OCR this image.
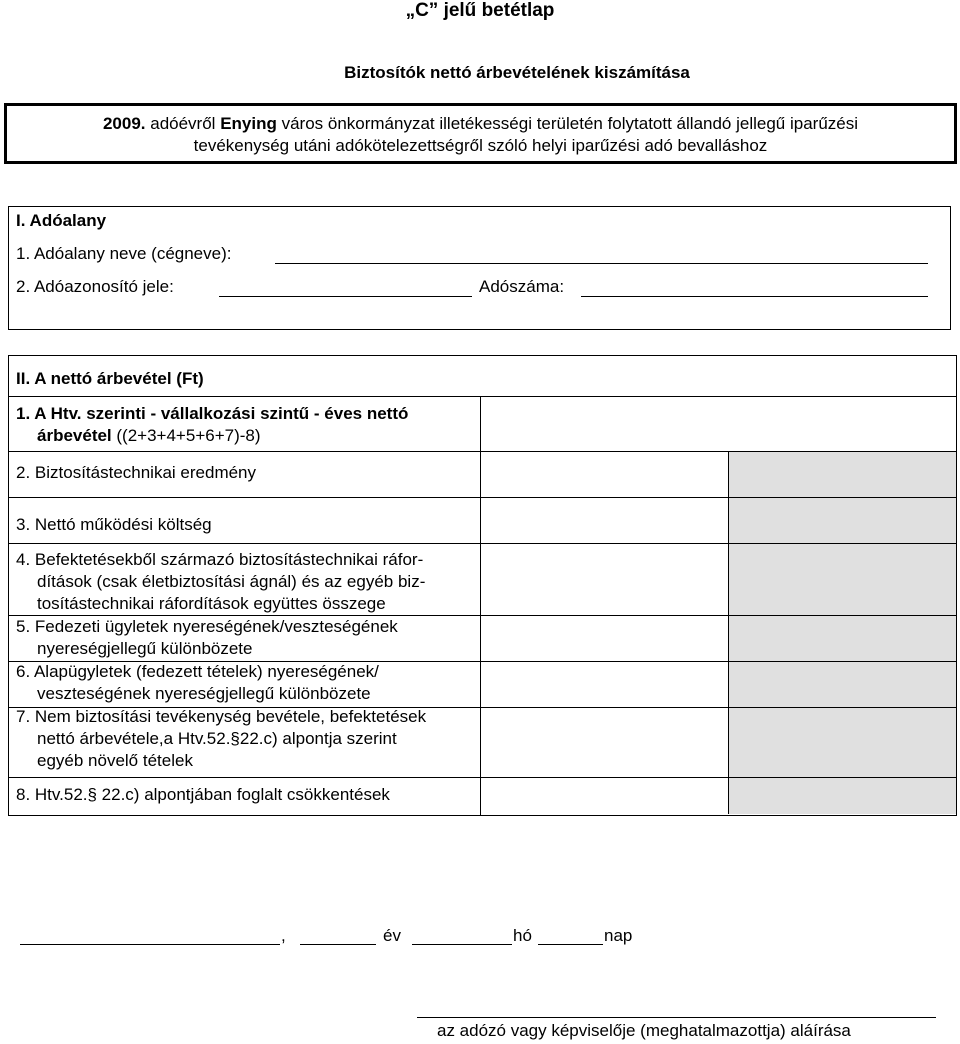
„C” jelű betétlap
Biztosítók nettó árbevételének kiszámítása
2009. adóévről Enying város önkormányzat illetékességi területén folytatott állandó jellegű iparűzési
tevékenység utáni adókötelezettségről szóló helyi iparűzési adó bevalláshoz
I. Adóalany
1. Adóalany neve (cégneve):
2. Adóazonosító jele:	Adószáma:
II. A nettó árbevétel (Ft)
1. A Htv. szerinti - vállalkozási szintű - éves nettó
árbevétel ((2+3+4+5+6+7)-8)
2. Biztosítástechnikai eredmény
3. Nettó működési költség
4. Befektetésekből származó biztosítástechnikai ráfor-
dítások (csak életbiztosítási ágnál) és az egyéb biz-
tosítástechnikai ráfordítások együttes összege
5. Fedezeti ügyletek nyereségének/veszteségének
nyereségjellegű különbözete
6. Alapügyletek (fedezett tételek) nyereségének/
veszteségének nyereségjellegű különbözete
7. Nem biztosítási tevékenység bevétele, befektetések
nettó árbevétele,a Htv.52.§22.c) alpontja szerint
egyéb növelő tételek
8. Htv.52.§ 22.c) alpontjában foglalt csökkentések
,	év	hó	nap
az adózó vagy képviselője (meghatalmazottja) aláírása
